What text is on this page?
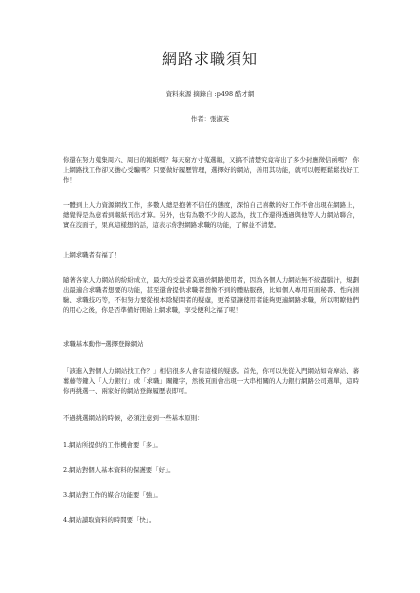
網路求職須知
資料來源 摘錄自 :p498 酷才網
作者：張淑英
你還在努力蒐集周六、周日的報紙嗎？每天窮方寸蒐選報，又搞不清楚究竟寄出了多少封應徵信函嗎？ 你上網路找工作卻又擔心受騙嗎？只要做好履歷管理，選擇好的網站，善用其功能，就可以輕輕鬆鬆找好工作！
一體到上人力資源網找工作，多數人總是抱著不信任的態度，深怕自己喜歡的好工作不會出現在網路上，總覺得是為意看到報紙刊出才算。另外，也有為數不少的人認為，找工作還得透過與他等人力網站聯合，實在沒面子，果真這樣想的話，這表示你對網路求職的功能，了解並不清楚。
上網求職者有福了！
隨著各家人力網站的紛紛成立，最大的受益者莫過於網路使用者，因為各個人力網站無不絞盡腦汁，規劃出最適合求職者想要的功能，甚至還會提供求職者想像不到的體貼服務，比如個人專用頁面秘書、性向測驗、求職技巧等，不但努力要從根本除疑問者的疑慮，更希望讓使用者能夠更適網路求職，所以明瞭他們的用心之後，你是否準備好開始上網求職，享受便利之福了呢！
求職基本動作─選擇登錄網站
「該進入對個人力網站找工作？」相信很多人會有這樣的疑惑。首先，你可以先從入門網站如奇摩站、蕃薯藤等鍵入「人力銀行」或「求職」關鍵字，然後頁面會出現一大串相關的人力銀行網路公司選單，這時你再挑選一、兩家好的網站登錄履歷表即可。
不過挑選網站的時候，必須注意到一些基本原則：
1.網站所提供的工作機會要「多」。
2.網站對個人基本資料的保護要「好」。
3.網站對工作的媒合功能要「強」。
4.網站讀取資料的時間要「快」。
